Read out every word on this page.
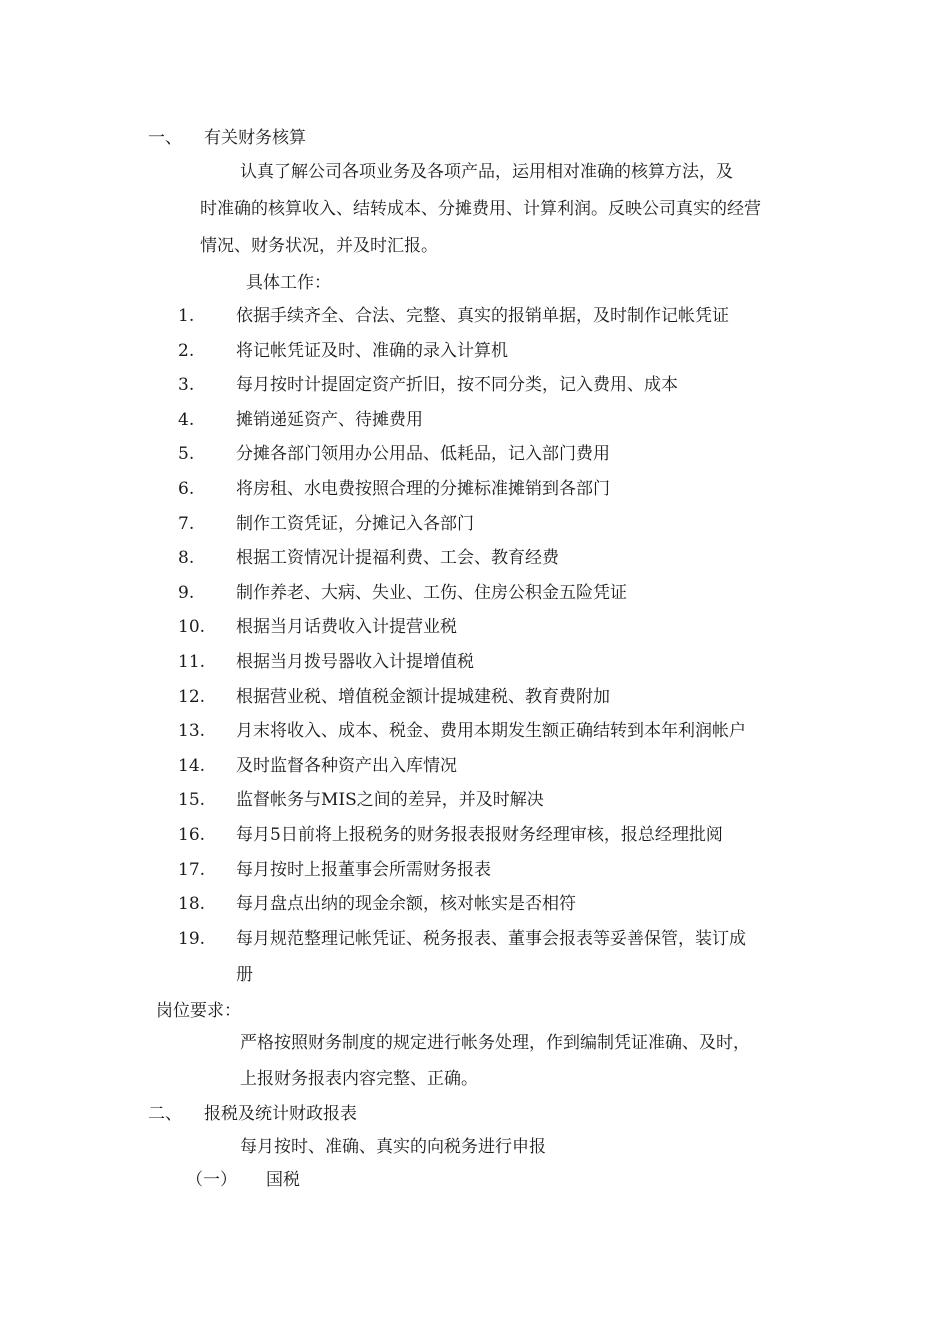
一、 有关财务核算
认真了解公司各项业务及各项产品，运用相对准确的核算方法，及
时准确的核算收入、结转成本、分摊费用、计算利润。反映公司真实的经营
情况、财务状况，并及时汇报。
具体工作：
1. 依据手续齐全、合法、完整、真实的报销单据，及时制作记帐凭证
2. 将记帐凭证及时、准确的录入计算机
3. 每月按时计提固定资产折旧，按不同分类，记入费用、成本
4. 摊销递延资产、待摊费用
5. 分摊各部门领用办公用品、低耗品，记入部门费用
6. 将房租、水电费按照合理的分摊标准摊销到各部门
7. 制作工资凭证，分摊记入各部门
8. 根据工资情况计提福利费、工会、教育经费
9. 制作养老、大病、失业、工伤、住房公积金五险凭证
10. 根据当月话费收入计提营业税
11. 根据当月拨号器收入计提增值税
12. 根据营业税、增值税金额计提城建税、教育费附加
13. 月末将收入、成本、税金、费用本期发生额正确结转到本年利润帐户
14. 及时监督各种资产出入库情况
15. 监督帐务与MIS之间的差异，并及时解决
16. 每月5日前将上报税务的财务报表报财务经理审核，报总经理批阅
17. 每月按时上报董事会所需财务报表
18. 每月盘点出纳的现金余额，核对帐实是否相符
19. 每月规范整理记帐凭证、税务报表、董事会报表等妥善保管，装订成
册
岗位要求：
严格按照财务制度的规定进行帐务处理，作到编制凭证准确、及时，
上报财务报表内容完整、正确。
二、 报税及统计财政报表
每月按时、准确、真实的向税务进行申报
（一） 国税
